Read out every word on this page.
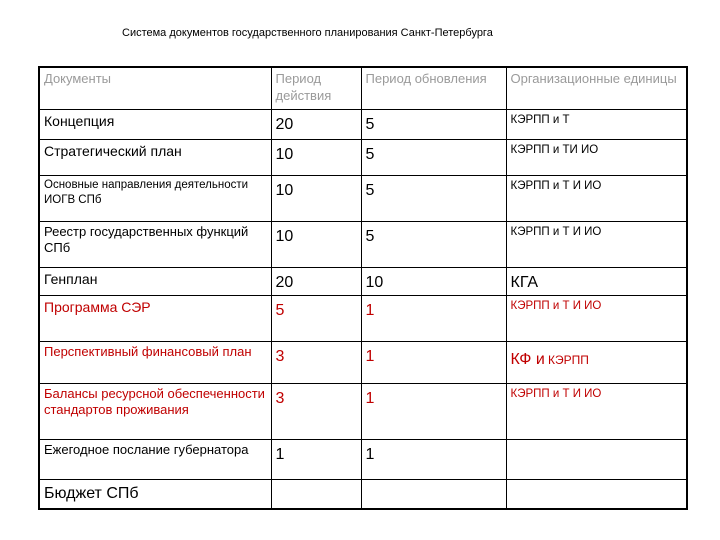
Система документов государственного планирования Санкт-Петербурга
Документы	Период действия	Период обновления	Организационные единицы
Концепция	20	5	КЭРПП и Т
Стратегический план	10	5	КЭРПП и ТИ ИО
Основные направления деятельности ИОГВ СПб	10	5	КЭРПП и Т И ИО
Реестр государственных функций СПб	10	5	КЭРПП и Т И ИО
Генплан	20	10	КГА
Программа СЭР	5	1	КЭРПП и Т И ИО
Перспективный финансовый план	3	1	КФ и КЭРПП
Балансы ресурсной обеспеченности стандартов проживания	3	1	КЭРПП и Т И ИО
Ежегодное послание губернатора	1	1	
Бюджет СПб			
